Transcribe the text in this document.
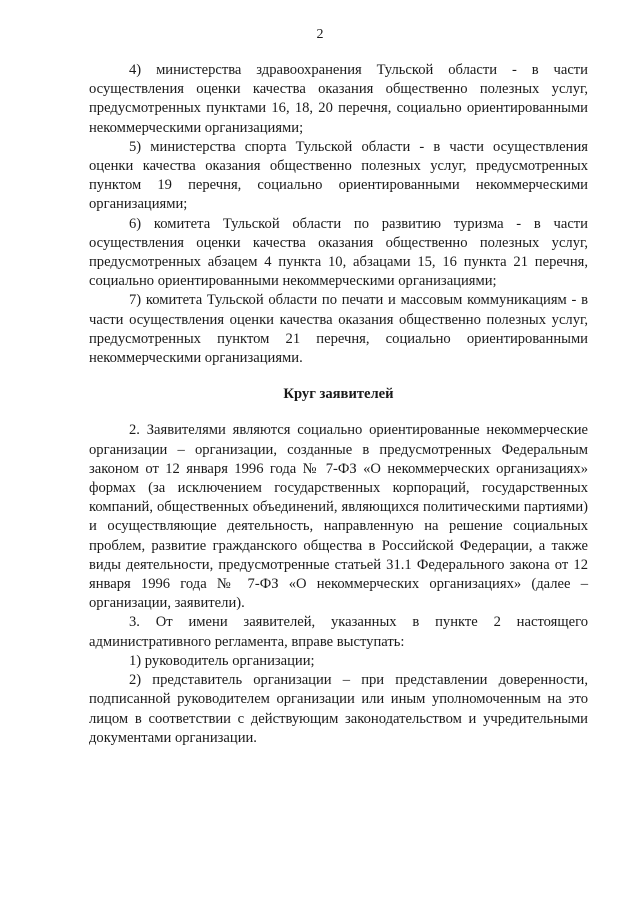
2

4) министерства здравоохранения Тульской области - в части осуществления оценки качества оказания общественно полезных услуг, предусмотренных пунктами 16, 18, 20 перечня, социально ориентированными некоммерческими организациями;

5) министерства спорта Тульской области - в части осуществления оценки качества оказания общественно полезных услуг, предусмотренных пунктом 19 перечня, социально ориентированными некоммерческими организациями;

6) комитета Тульской области по развитию туризма - в части осуществления оценки качества оказания общественно полезных услуг, предусмотренных абзацем 4 пункта 10, абзацами 15, 16 пункта 21 перечня, социально ориентированными некоммерческими организациями;

7) комитета Тульской области по печати и массовым коммуникациям - в части осуществления оценки качества оказания общественно полезных услуг, предусмотренных пунктом 21 перечня, социально ориентированными некоммерческими организациями.

Круг заявителей

2. Заявителями являются социально ориентированные некоммерческие организации – организации, созданные в предусмотренных Федеральным законом от 12 января 1996 года № 7-ФЗ «О некоммерческих организациях» формах (за исключением государственных корпораций, государственных компаний, общественных объединений, являющихся политическими партиями) и осуществляющие деятельность, направленную на решение социальных проблем, развитие гражданского общества в Российской Федерации, а также виды деятельности, предусмотренные статьей 31.1 Федерального закона от 12 января 1996 года № 7-ФЗ «О некоммерческих организациях» (далее – организации, заявители).

3. От имени заявителей, указанных в пункте 2 настоящего административного регламента, вправе выступать:

1) руководитель организации;

2) представитель организации – при представлении доверенности, подписанной руководителем организации или иным уполномоченным на это лицом в соответствии с действующим законодательством и учредительными документами организации.
